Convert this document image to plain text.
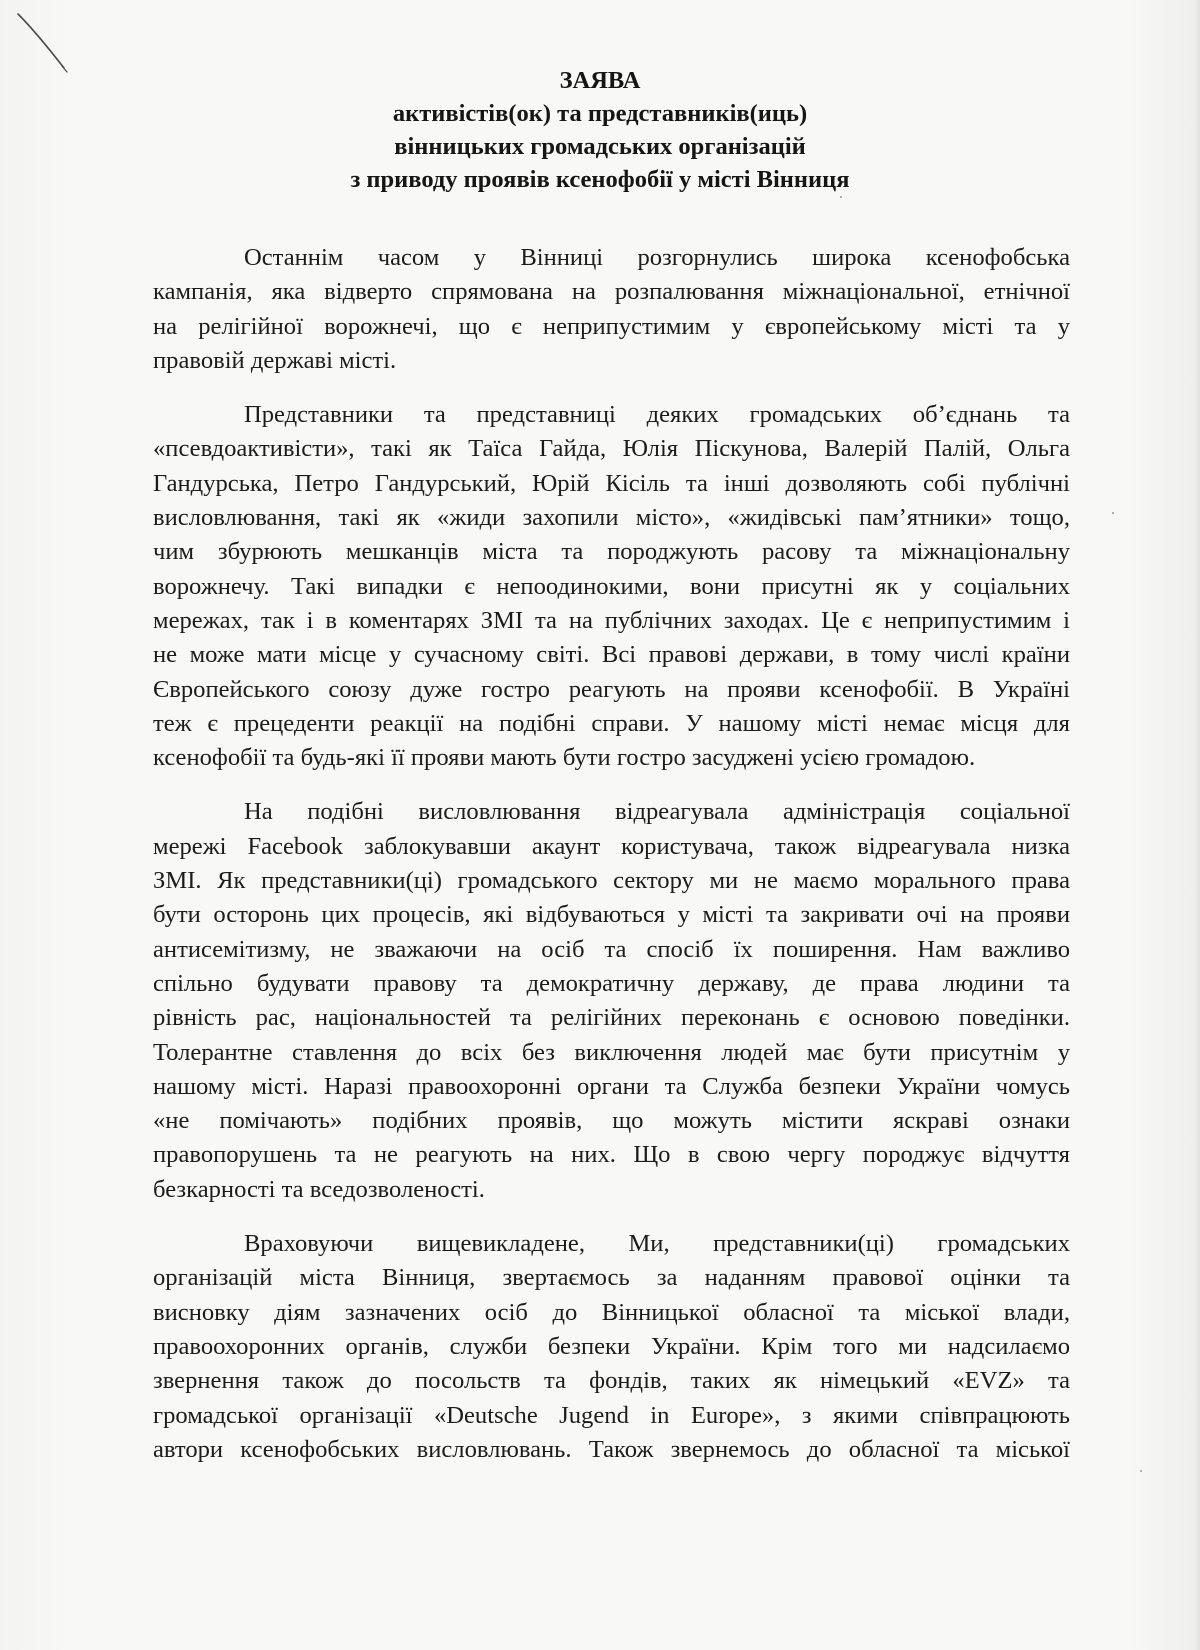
ЗАЯВА
активістів(ок) та представників(иць)
вінницьких громадських організацій
з приводу проявів ксенофобії у місті Вінниця
Останнім часом у Вінниці розгорнулись широка ксенофобська
кампанія, яка відверто спрямована на розпалювання міжнаціональної, етнічної
на релігійної ворожнечі, що є неприпустимим у європейському місті та у
правовій державі місті.
Представники та представниці деяких громадських об’єднань та
«псевдоактивісти», такі як Таїса Гайда, Юлія Піскунова, Валерій Палій, Ольга
Гандурська, Петро Гандурський, Юрій Кісіль та інші дозволяють собі публічні
висловлювання, такі як «жиди захопили місто», «жидівські пам’ятники» тощо,
чим збурюють мешканців міста та породжують расову та міжнаціональну
ворожнечу. Такі випадки є непоодинокими, вони присутні як у соціальних
мережах, так і в коментарях ЗМІ та на публічних заходах. Це є неприпустимим і
не може мати місце у сучасному світі. Всі правові держави, в тому числі країни
Європейського союзу дуже гостро реагують на прояви ксенофобії. В Україні
теж є прецеденти реакції на подібні справи. У нашому місті немає місця для
ксенофобії та будь-які її прояви мають бути гостро засуджені усією громадою.
На подібні висловлювання відреагувала адміністрація соціальної
мережі Facebook заблокувавши акаунт користувача, також відреагувала низка
ЗМІ. Як представники(ці) громадського сектору ми не маємо морального права
бути осторонь цих процесів, які відбуваються у місті та закривати очі на прояви
антисемітизму, не зважаючи на осіб та спосіб їх поширення. Нам важливо
спільно будувати правову та демократичну державу, де права людини та
рівність рас, національностей та релігійних переконань є основою поведінки.
Толерантне ставлення до всіх без виключення людей має бути присутнім у
нашому місті. Наразі правоохоронні органи та Служба безпеки України чомусь
«не помічають» подібних проявів, що можуть містити яскраві ознаки
правопорушень та не реагують на них. Що в свою чергу породжує відчуття
безкарності та вседозволеності.
Враховуючи вищевикладене, Ми, представники(ці) громадських
організацій міста Вінниця, звертаємось за наданням правової оцінки та
висновку діям зазначених осіб до Вінницької обласної та міської влади,
правоохоронних органів, служби безпеки України. Крім того ми надсилаємо
звернення також до посольств та фондів, таких як німецький «EVZ» та
громадської організації «Deutsche Jugend in Europe», з якими співпрацюють
автори ксенофобських висловлювань. Також звернемось до обласної та міської
